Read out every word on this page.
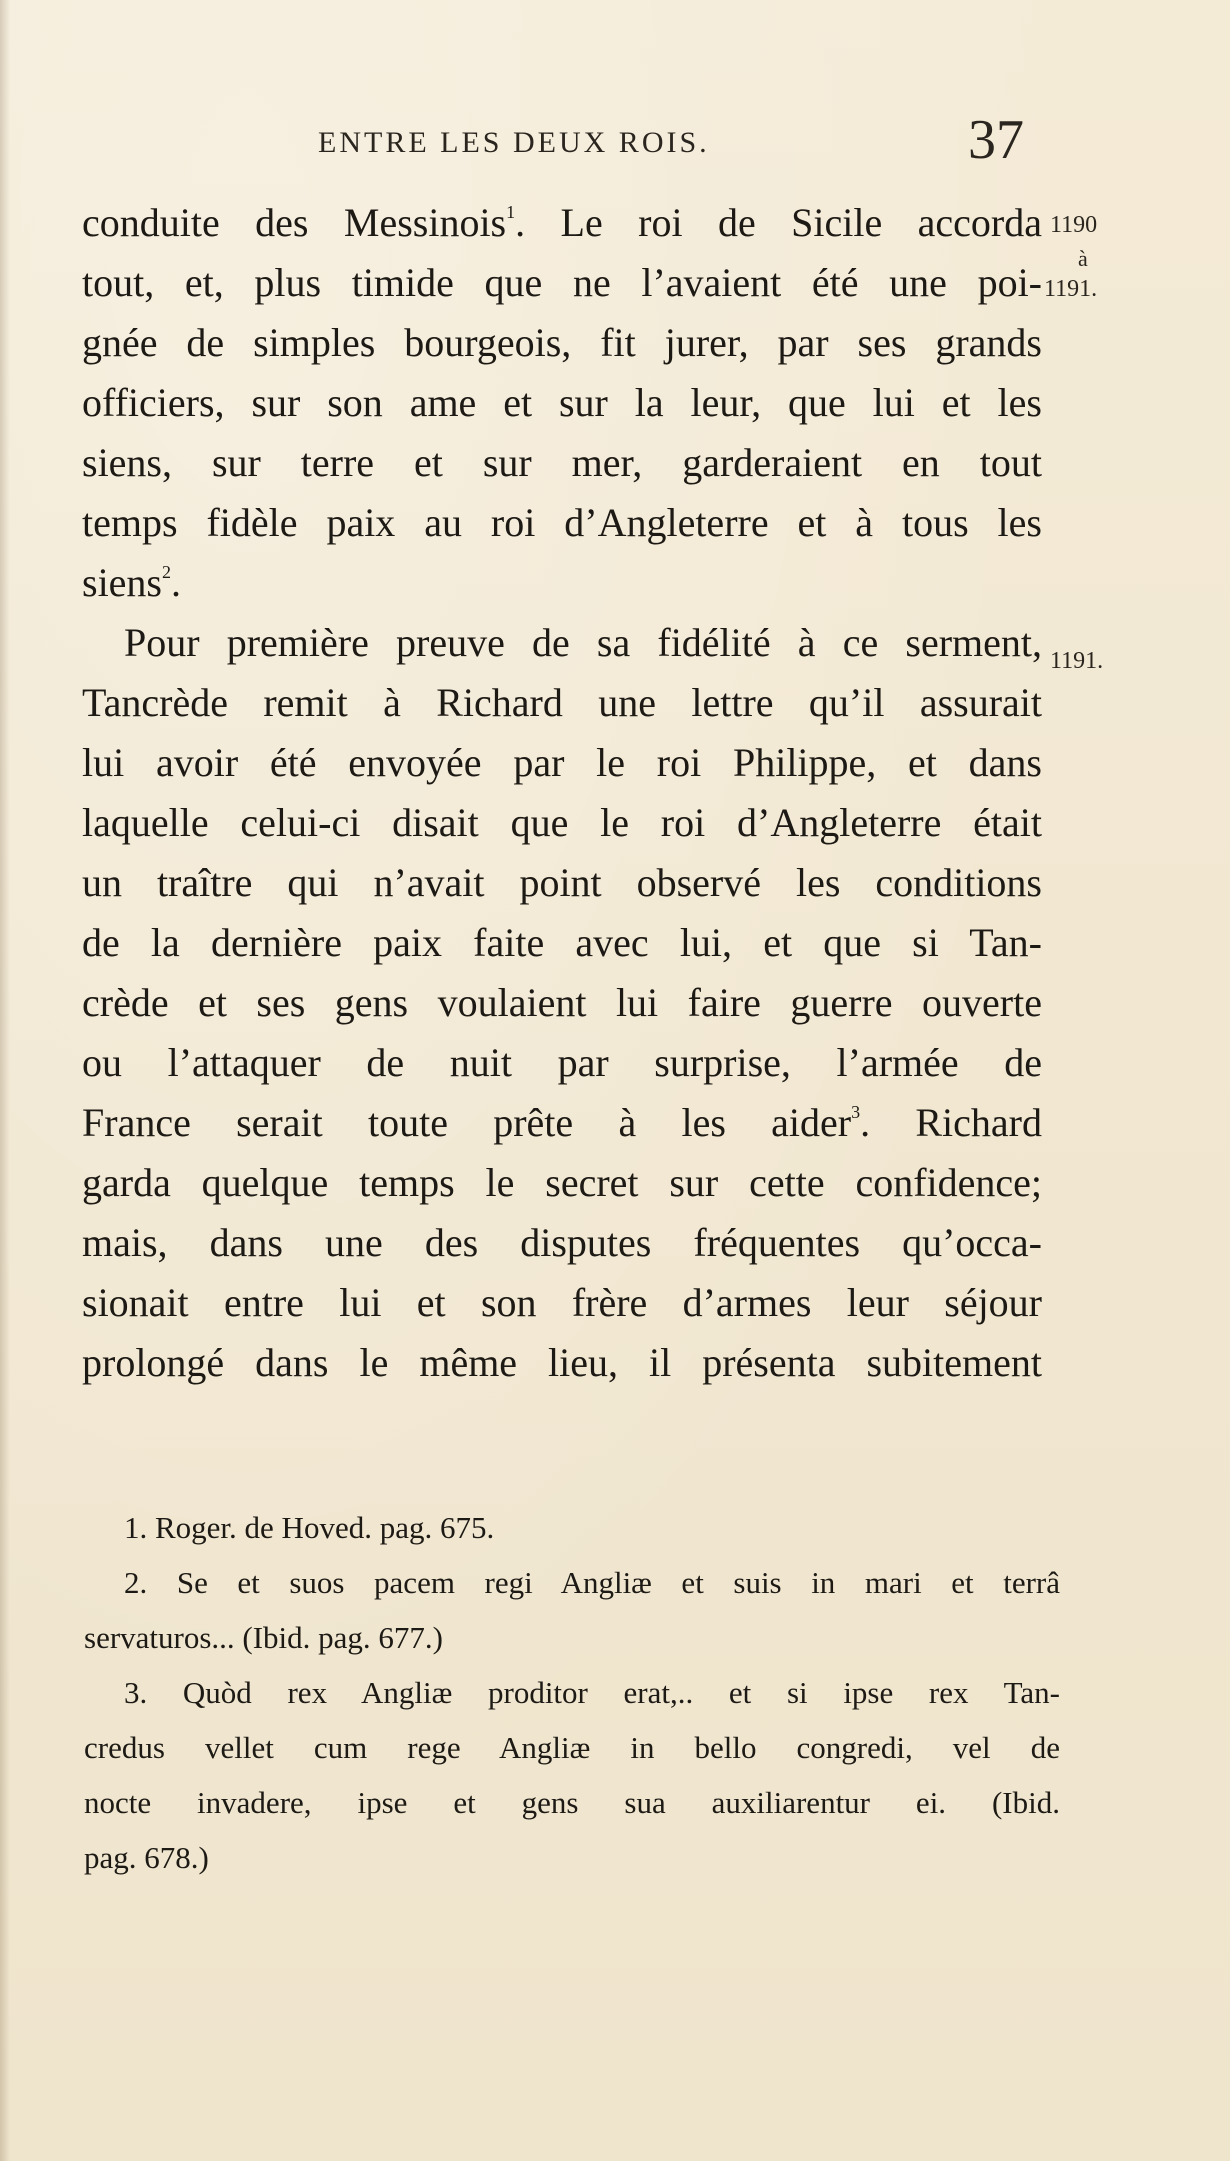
ENTRE LES DEUX ROIS.	37
1190
à
1191.
1191.
conduite des Messinois$^1$. Le roi de Sicile accorda
tout, et, plus timide que ne l’avaient été une poi-
gnée de simples bourgeois, fit jurer, par ses grands
officiers, sur son ame et sur la leur, que lui et les
siens, sur terre et sur mer, garderaient en tout
temps fidèle paix au roi d’Angleterre et à tous les
siens$^2$.
Pour première preuve de sa fidélité à ce serment,
Tancrède remit à Richard une lettre qu’il assurait
lui avoir été envoyée par le roi Philippe, et dans
laquelle celui-ci disait que le roi d’Angleterre était
un traître qui n’avait point observé les conditions
de la dernière paix faite avec lui, et que si Tan-
crède et ses gens voulaient lui faire guerre ouverte
ou l’attaquer de nuit par surprise, l’armée de
France serait toute prête à les aider$^3$. Richard
garda quelque temps le secret sur cette confidence;
mais, dans une des disputes fréquentes qu’occa-
sionait entre lui et son frère d’armes leur séjour
prolongé dans le même lieu, il présenta subitement
1. Roger. de Hoved. pag. 675.
2. Se et suos pacem regi Angliæ et suis in mari et terrâ
servaturos... (Ibid. pag. 677.)
3. Quòd rex Angliæ proditor erat,.. et si ipse rex Tan-
credus vellet cum rege Angliæ in bello congredi, vel de
nocte invadere, ipse et gens sua auxiliarentur ei. (Ibid.
pag. 678.)
